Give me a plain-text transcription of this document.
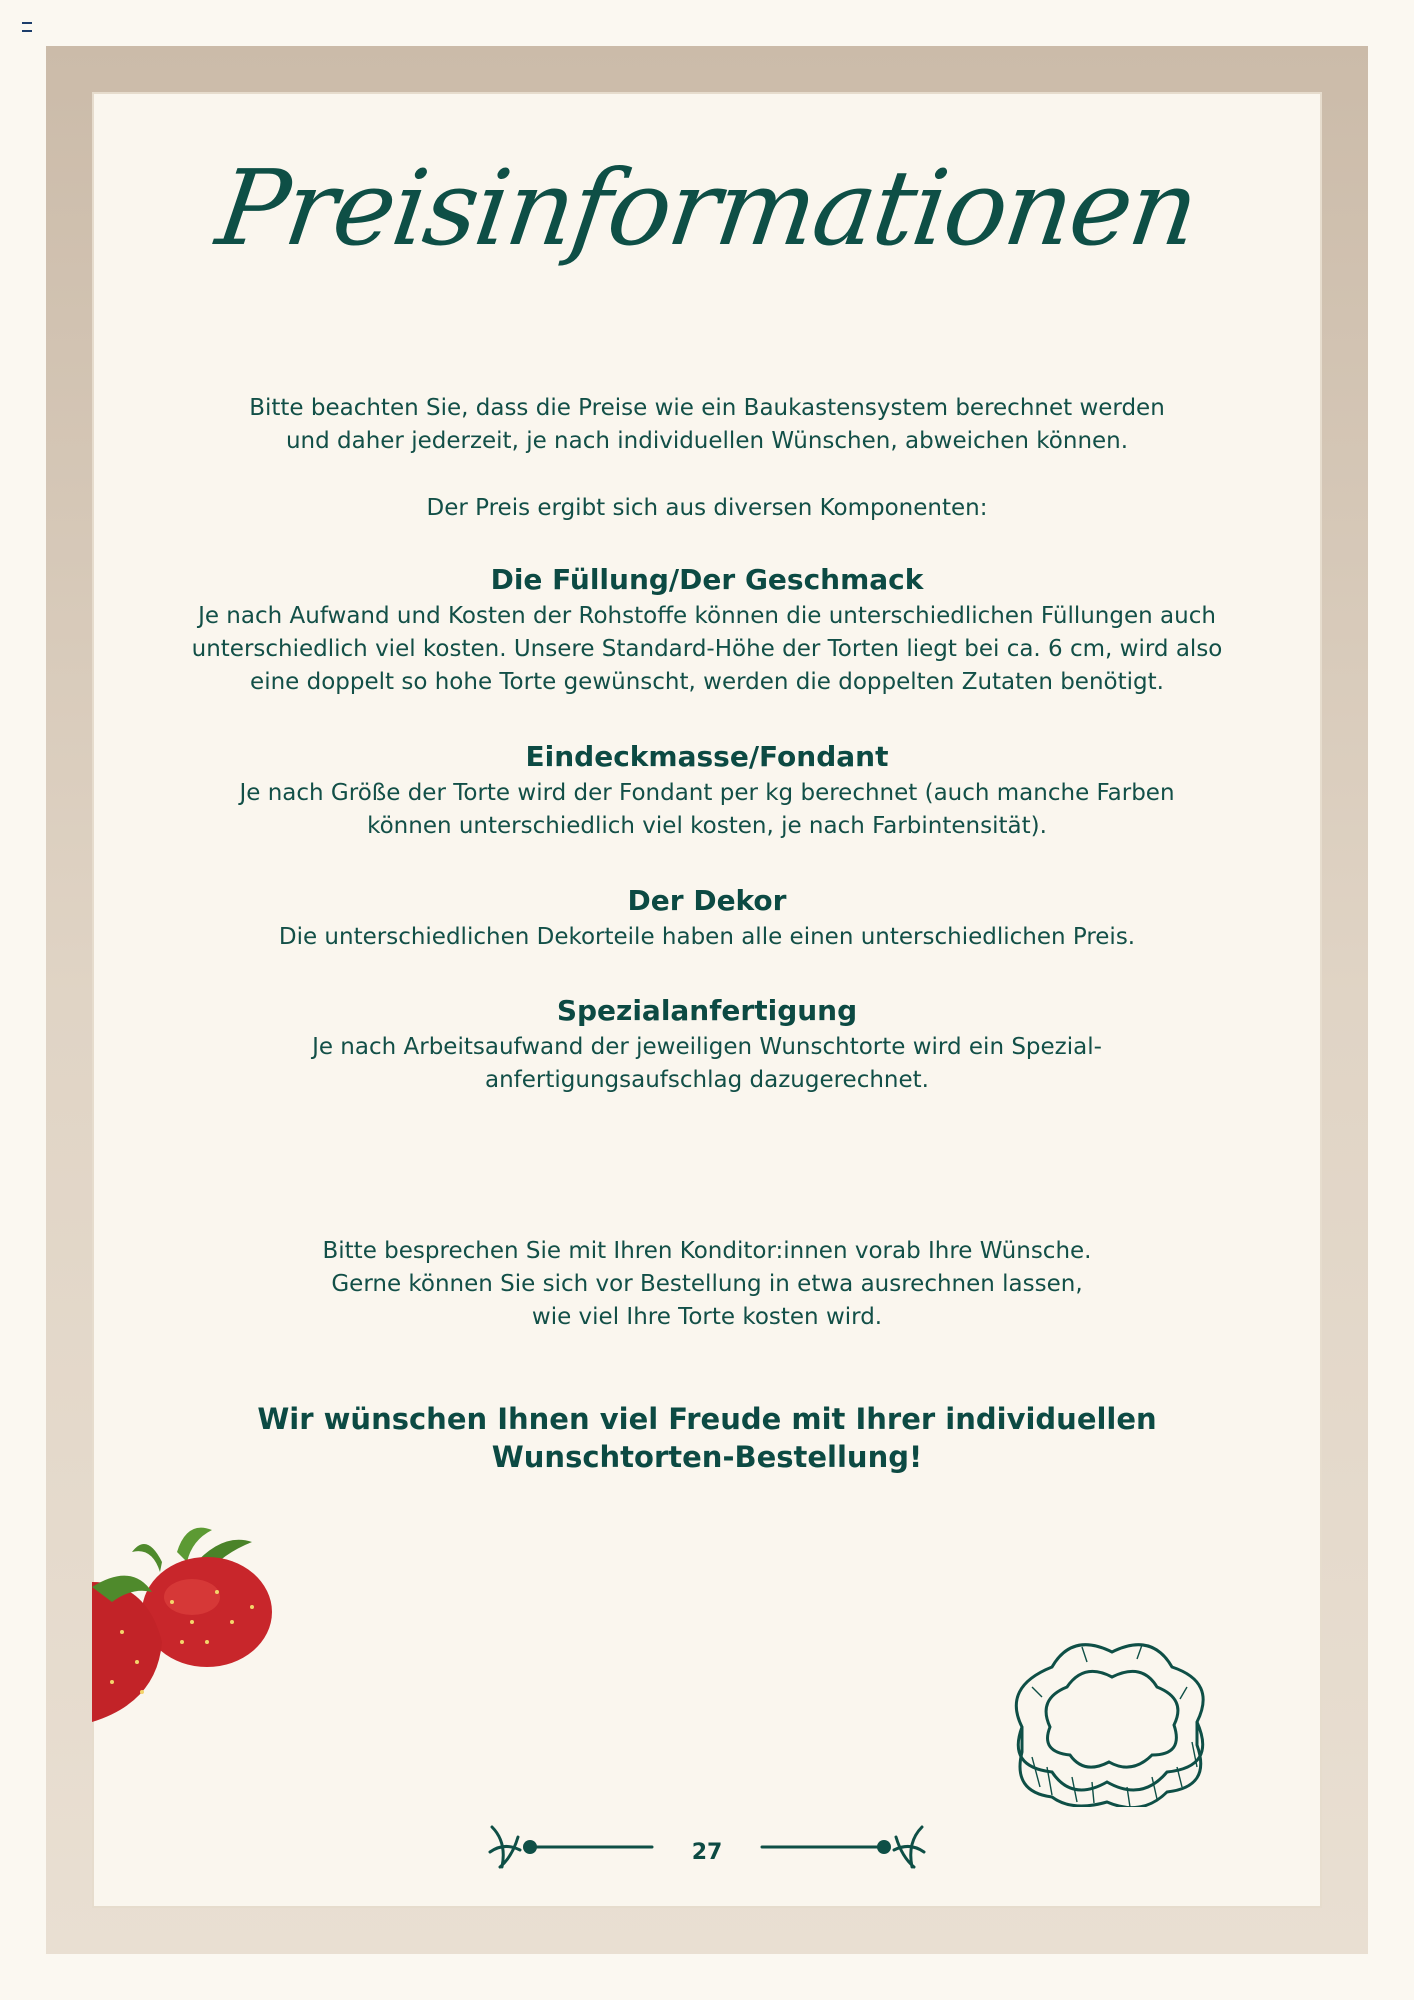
Preisinformationen
Bitte beachten Sie, dass die Preise wie ein Baukastensystem berechnet werden
und daher jederzeit, je nach individuellen Wünschen, abweichen können.
Der Preis ergibt sich aus diversen Komponenten:
Die Füllung/Der Geschmack
Je nach Aufwand und Kosten der Rohstoffe können die unterschiedlichen Füllungen auch
unterschiedlich viel kosten. Unsere Standard-Höhe der Torten liegt bei ca. 6 cm, wird also
eine doppelt so hohe Torte gewünscht, werden die doppelten Zutaten benötigt.
Eindeckmasse/Fondant
Je nach Größe der Torte wird der Fondant per kg berechnet (auch manche Farben
können unterschiedlich viel kosten, je nach Farbintensität).
Der Dekor
Die unterschiedlichen Dekorteile haben alle einen unterschiedlichen Preis.
Spezialanfertigung
Je nach Arbeitsaufwand der jeweiligen Wunschtorte wird ein Spezial-
anfertigungsaufschlag dazugerechnet.
Bitte besprechen Sie mit Ihren Konditor:innen vorab Ihre Wünsche.
Gerne können Sie sich vor Bestellung in etwa ausrechnen lassen,
wie viel Ihre Torte kosten wird.
Wir wünschen Ihnen viel Freude mit Ihrer individuellen
Wunschtorten-Bestellung!
27
